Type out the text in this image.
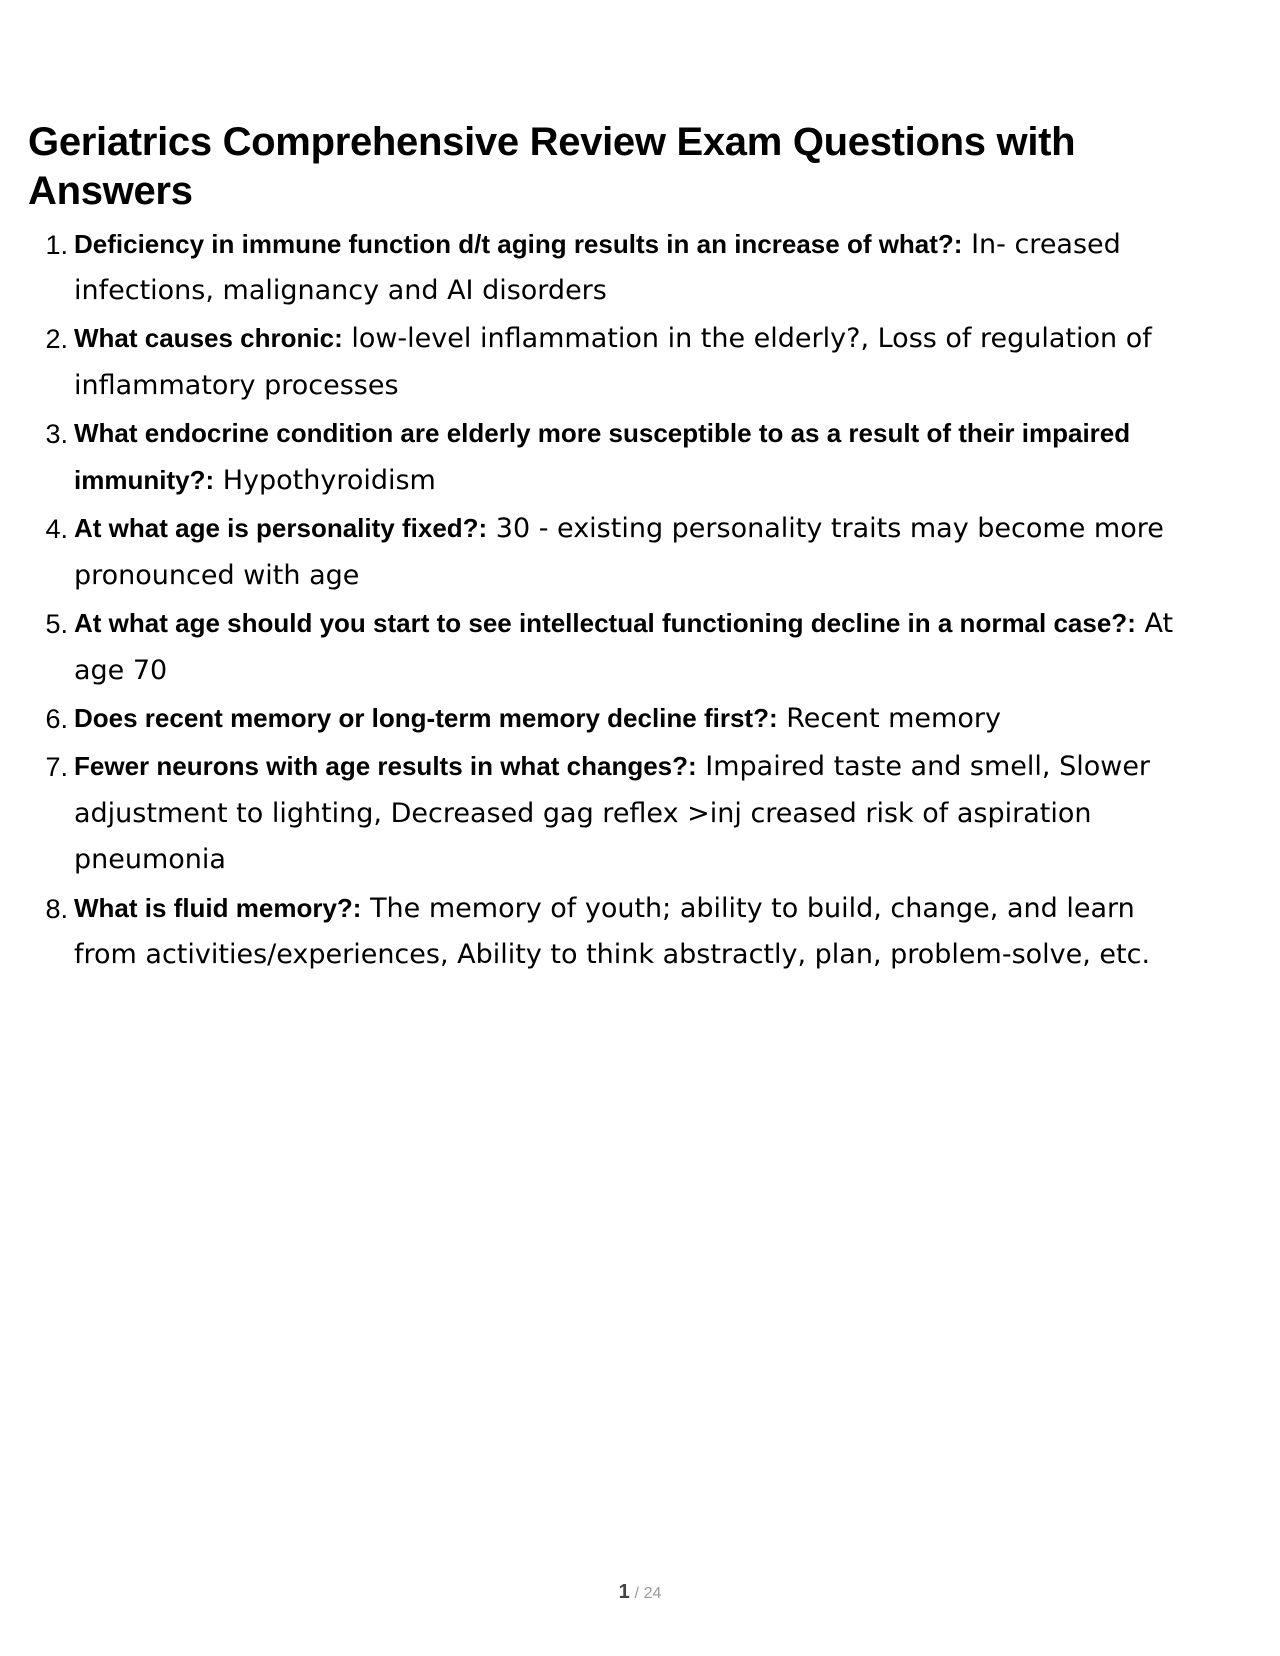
Geriatrics Comprehensive Review Exam Questions with Answers
Deficiency in immune function d/t aging results in an increase of what?: In- creased infections, malignancy and AI disorders
What causes chronic: low-level inflammation in the elderly?, Loss of regulation of inflammatory processes
What endocrine condition are elderly more susceptible to as a result of their impaired immunity?: Hypothyroidism
At what age is personality fixed?: 30 - existing personality traits may become more pronounced with age
At what age should you start to see intellectual functioning decline in a normal case?: At age 70
Does recent memory or long-term memory decline first?: Recent memory
Fewer neurons with age results in what changes?: Impaired taste and smell, Slower adjustment to lighting, Decreased gag reflex >inj creased risk of aspiration pneumonia
What is fluid memory?: The memory of youth; ability to build, change, and learn from activities/experiences, Ability to think abstractly, plan, problem-solve, etc.
1 / 24
